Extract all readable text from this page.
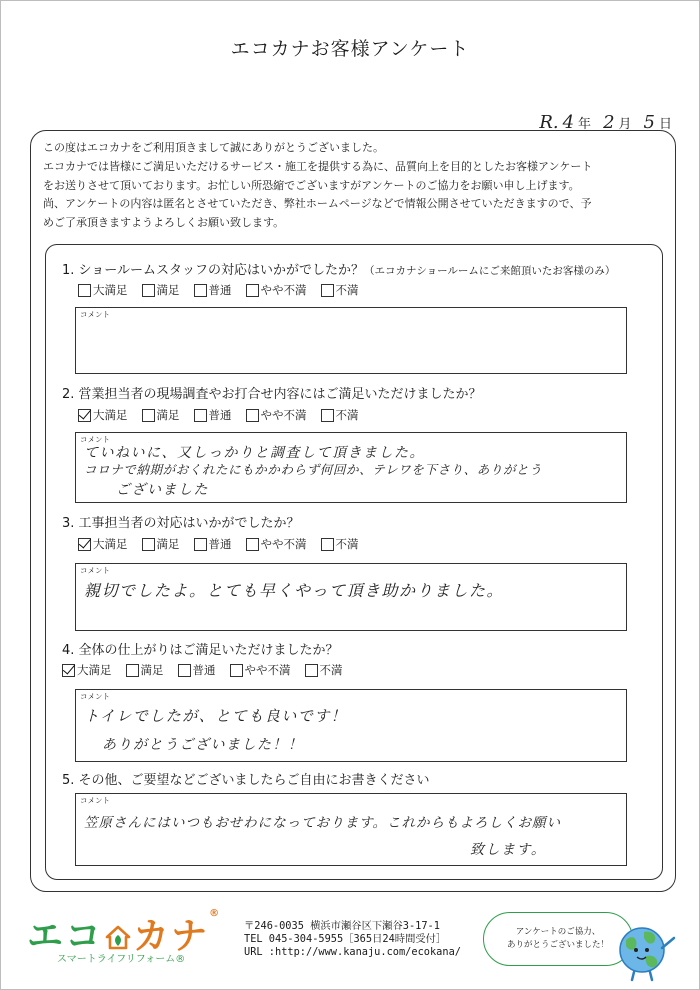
エコカナお客様アンケート
R. 4 年 2 月 5 日
この度はエコカナをご利用頂きまして誠にありがとうございました。
エコカナでは皆様にご満足いただけるサービス・施工を提供する為に、品質向上を目的としたお客様アンケート
をお送りさせて頂いております。お忙しい所恐縮でございますがアンケートのご協力をお願い申し上げます。
尚、アンケートの内容は匿名とさせていただき、弊社ホームページなどで情報公開させていただきますので、予
めご了承頂きますようよろしくお願い致します。
1. ショールームスタッフの対応はいかがでしたか？（エコカナショールームにご来館頂いたお客様のみ）
大満足	満足	普通	やや不満	不満
コメント
2. 営業担当者の現場調査やお打合せ内容にはご満足いただけましたか？
大満足	満足	普通	やや不満	不満
コメント
ていねいに、又しっかりと調査して頂きました。
コロナで納期がおくれたにもかかわらず何回か、テレワを下さり、ありがとう
ございました
3. 工事担当者の対応はいかがでしたか？
大満足	満足	普通	やや不満	不満
コメント
親切でしたよ。とても早くやって頂き助かりました。
4. 全体の仕上がりはご満足いただけましたか？
大満足	満足	普通	やや不満	不満
コメント
トイレでしたが、とても良いです！
ありがとうございました！！
5. その他、ご要望などございましたらご自由にお書きください
コメント
笠原さんにはいつもおせわになっております。これからもよろしくお願い
致します。
エコ カナ®
スマートライフリフォーム®
〒246-0035 横浜市瀬谷区下瀬谷3-17-1
TEL 045-304-5955［365日24時間受付］
URL :http://www.kanaju.com/ecokana/
アンケートのご協力、
ありがとうございました！
